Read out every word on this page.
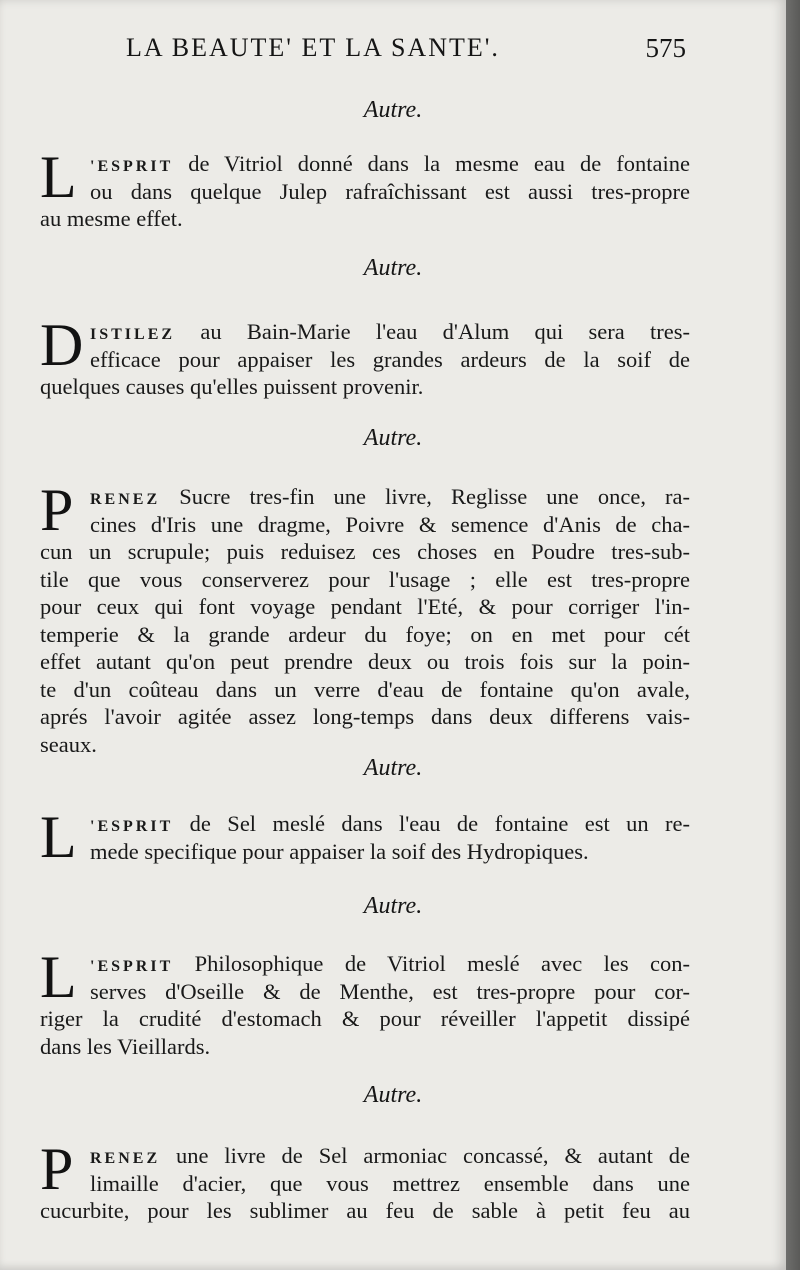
LA BEAUTE' ET LA SANTE'.	575
Autre.
L 'ESPRIT de Vitriol donné dans la mesme eau de fontaine
ou dans quelque Julep rafraîchissant est aussi tres-propre
au mesme effet.
Autre.
D ISTILEZ au Bain-Marie l'eau d'Alum qui sera tres-
efficace pour appaiser les grandes ardeurs de la soif de
quelques causes qu'elles puissent provenir.
Autre.
P	RENEZ Sucre tres-fin une livre, Reglisse une once, ra-
cines d'Iris une dragme, Poivre & semence d'Anis de cha-
cun un scrupule; puis reduisez ces choses en Poudre tres-sub-
tile que vous conserverez pour l'usage ; elle est tres-propre
pour ceux qui font voyage pendant l'Eté, & pour corriger l'in-
temperie & la grande ardeur du foye; on en met pour cét
effet autant qu'on peut prendre deux ou trois fois sur la poin-
te d'un coûteau dans un verre d'eau de fontaine qu'on avale,
aprés l'avoir agitée assez long-temps dans deux differens vais-
seaux.
Autre.
L 'ESPRIT de Sel meslé dans l'eau de fontaine est un re-
mede specifique pour appaiser la soif des Hydropiques.
Autre.
L 'ESPRIT Philosophique de Vitriol meslé avec les con-
serves d'Oseille & de Menthe, est tres-propre pour cor-
riger la crudité d'estomach & pour réveiller l'appetit dissipé
dans les Vieillards.
Autre.
P	RENEZ une livre de Sel armoniac concassé, & autant de
limaille d'acier, que vous mettrez ensemble dans une
cucurbite, pour les sublimer au feu de sable à petit feu au
